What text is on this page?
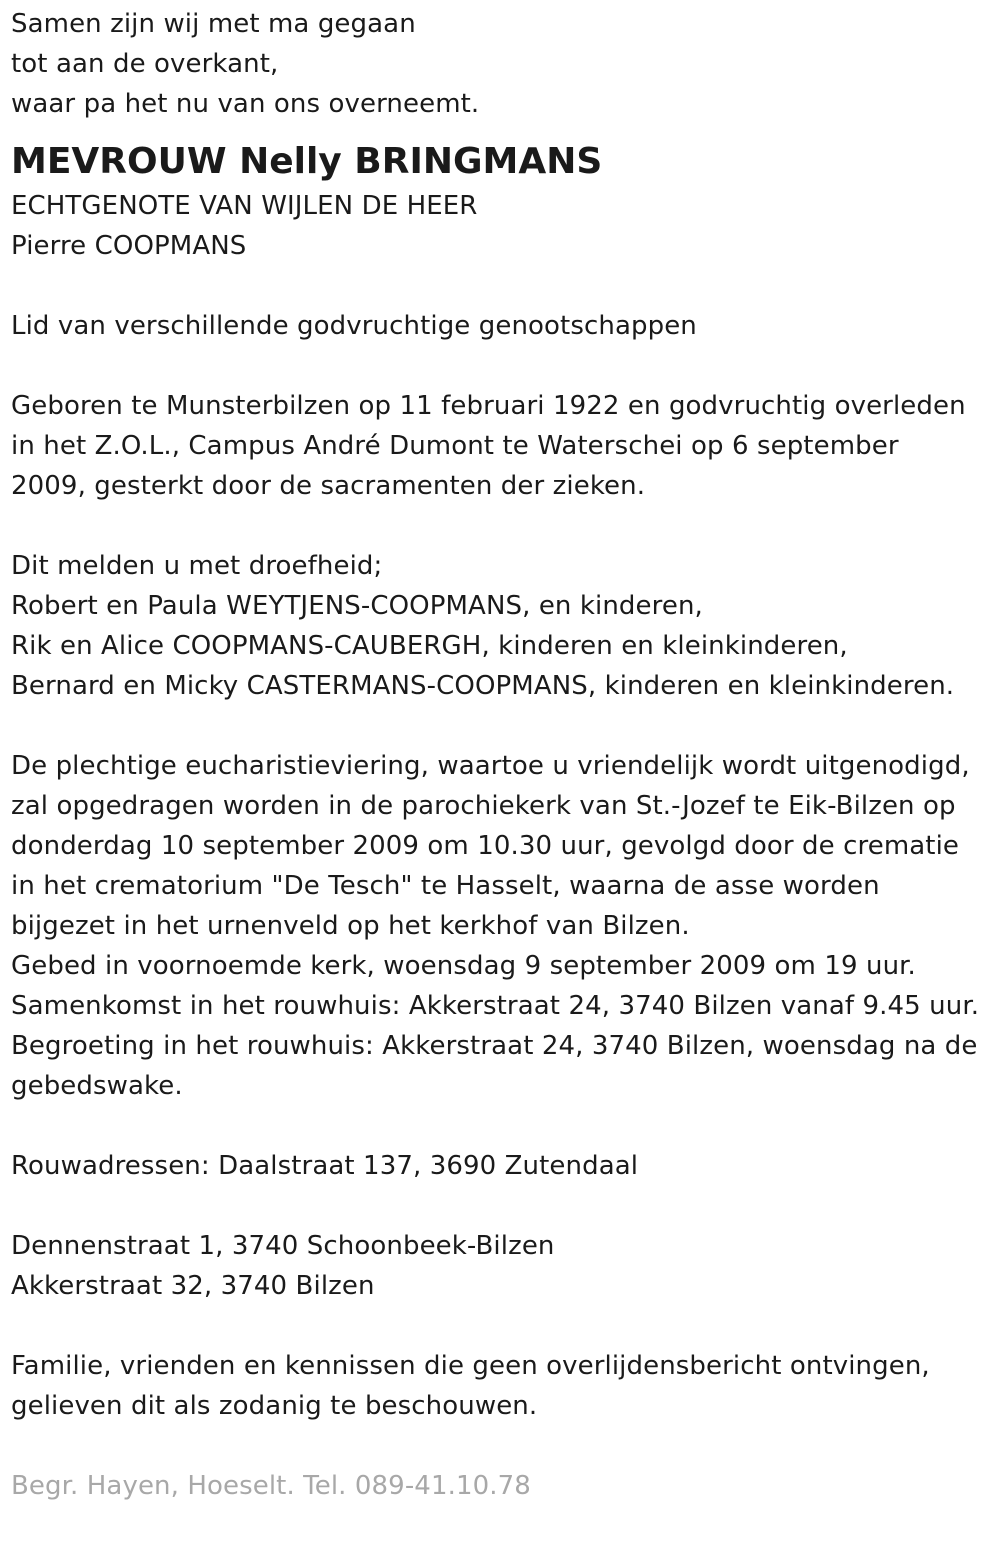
Samen zijn wij met ma gegaan
tot aan de overkant,
waar pa het nu van ons overneemt.
MEVROUW Nelly BRINGMANS
ECHTGENOTE VAN WIJLEN DE HEER
Pierre COOPMANS
Lid van verschillende godvruchtige genootschappen
Geboren te Munsterbilzen op 11 februari 1922 en godvruchtig overleden
in het Z.O.L., Campus André Dumont te Waterschei op 6 september
2009, gesterkt door de sacramenten der zieken.
Dit melden u met droefheid;
Robert en Paula WEYTJENS-COOPMANS, en kinderen,
Rik en Alice COOPMANS-CAUBERGH, kinderen en kleinkinderen,
Bernard en Micky CASTERMANS-COOPMANS, kinderen en kleinkinderen.
De plechtige eucharistieviering, waartoe u vriendelijk wordt uitgenodigd,
zal opgedragen worden in de parochiekerk van St.-Jozef te Eik-Bilzen op
donderdag 10 september 2009 om 10.30 uur, gevolgd door de crematie
in het crematorium "De Tesch" te Hasselt, waarna de asse worden
bijgezet in het urnenveld op het kerkhof van Bilzen.
Gebed in voornoemde kerk, woensdag 9 september 2009 om 19 uur.
Samenkomst in het rouwhuis: Akkerstraat 24, 3740 Bilzen vanaf 9.45 uur.
Begroeting in het rouwhuis: Akkerstraat 24, 3740 Bilzen, woensdag na de
gebedswake.
Rouwadressen: Daalstraat 137, 3690 Zutendaal
Dennenstraat 1, 3740 Schoonbeek-Bilzen
Akkerstraat 32, 3740 Bilzen
Familie, vrienden en kennissen die geen overlijdensbericht ontvingen,
gelieven dit als zodanig te beschouwen.
Begr. Hayen, Hoeselt. Tel. 089-41.10.78
